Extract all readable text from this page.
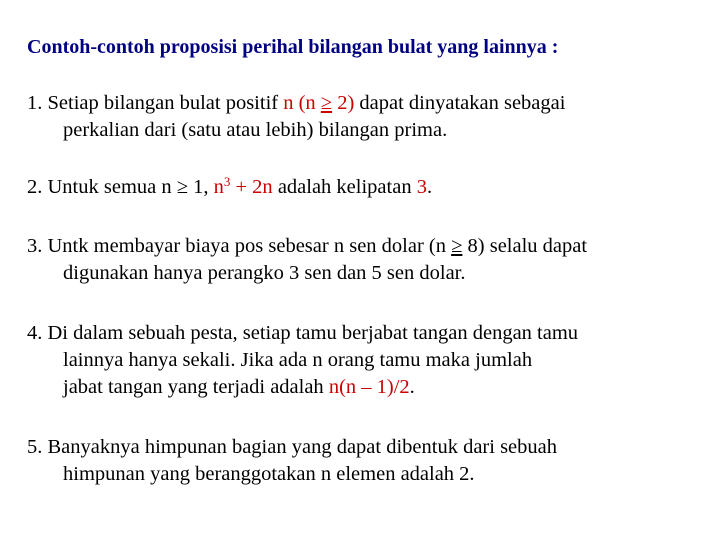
Contoh-contoh proposisi perihal bilangan bulat yang lainnya :
1. Setiap bilangan bulat positif n (n ≥ 2) dapat dinyatakan sebagai
perkalian dari (satu atau lebih) bilangan prima.
2. Untuk semua n ≥ 1, $n^3 + 2n$ adalah kelipatan 3.
3. Untk membayar biaya pos sebesar n sen dolar (n ≥ 8) selalu dapat
digunakan hanya perangko 3 sen dan 5 sen dolar.
4. Di dalam sebuah pesta, setiap tamu berjabat tangan dengan tamu
lainnya hanya sekali. Jika ada n orang tamu maka jumlah
jabat tangan yang terjadi adalah n(n – 1)/2.
5. Banyaknya himpunan bagian yang dapat dibentuk dari sebuah
himpunan yang beranggotakan n elemen adalah 2.
